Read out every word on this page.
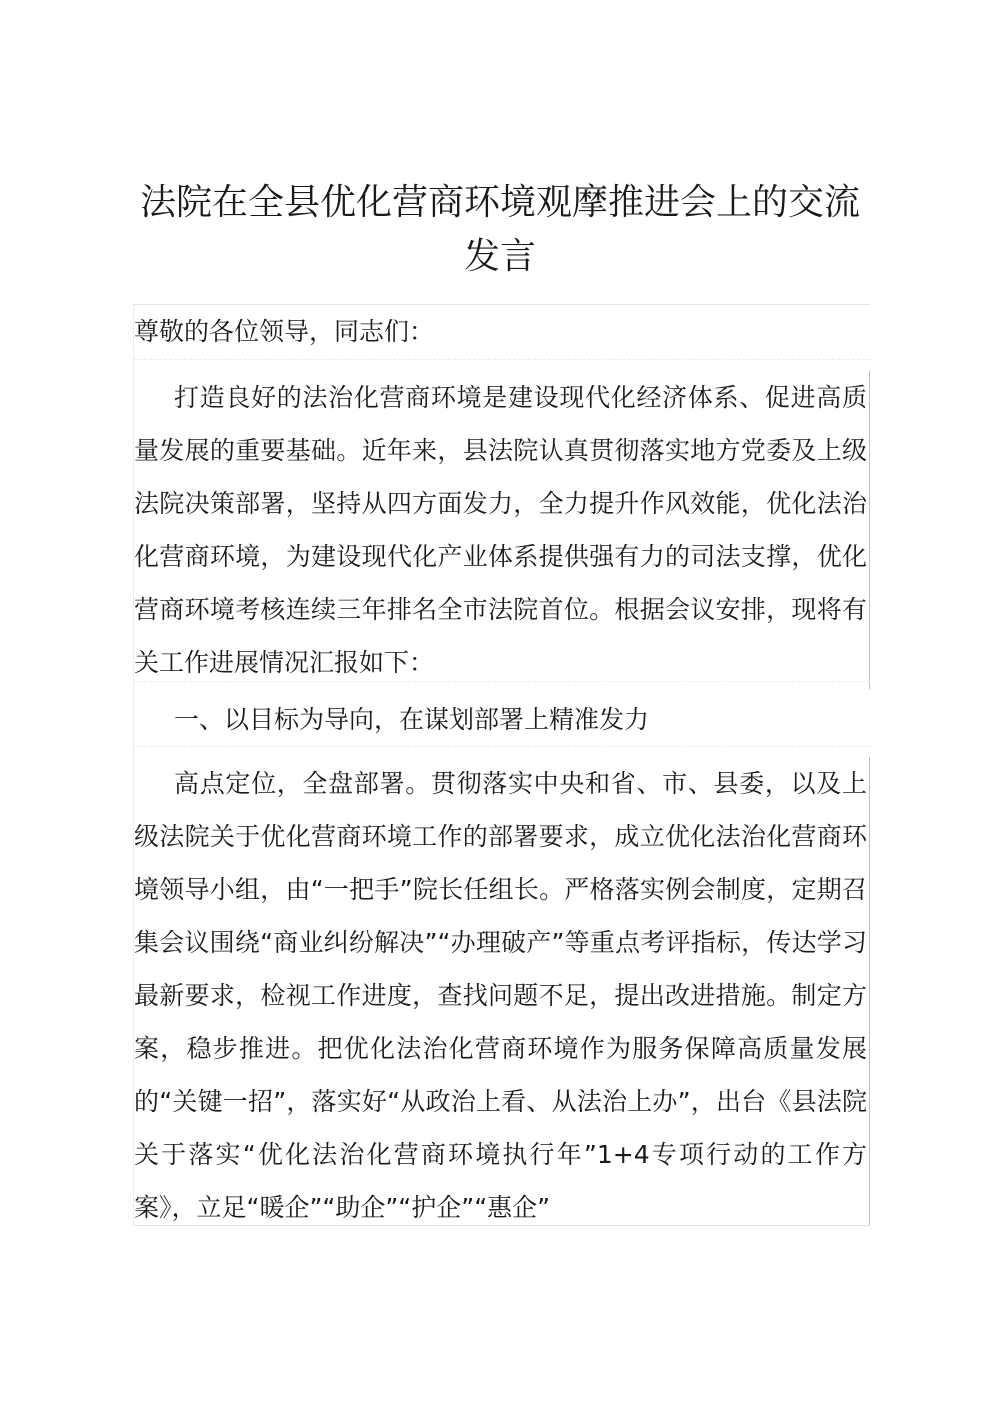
法院在全县优化营商环境观摩推进会上的交流发言

尊敬的各位领导，同志们：

打造良好的法治化营商环境是建设现代化经济体系、促进高质量发展的重要基础。近年来，县法院认真贯彻落实地方党委及上级法院决策部署，坚持从四方面发力，全力提升作风效能，优化法治化营商环境，为建设现代化产业体系提供强有力的司法支撑，优化营商环境考核连续三年排名全市法院首位。根据会议安排，现将有关工作进展情况汇报如下：

一、以目标为导向，在谋划部署上精准发力

高点定位，全盘部署。贯彻落实中央和省、市、县委，以及上级法院关于优化营商环境工作的部署要求，成立优化法治化营商环境领导小组，由“一把手”院长任组长。严格落实例会制度，定期召集会议围绕“商业纠纷解决”“办理破产”等重点考评指标，传达学习最新要求，检视工作进度，查找问题不足，提出改进措施。制定方案，稳步推进。把优化法治化营商环境作为服务保障高质量发展的“关键一招”，落实好“从政治上看、从法治上办”，出台《县法院关于落实“优化法治化营商环境执行年”1+4专项行动的工作方案》，立足“暖企”“助企”“护企”“惠企”
